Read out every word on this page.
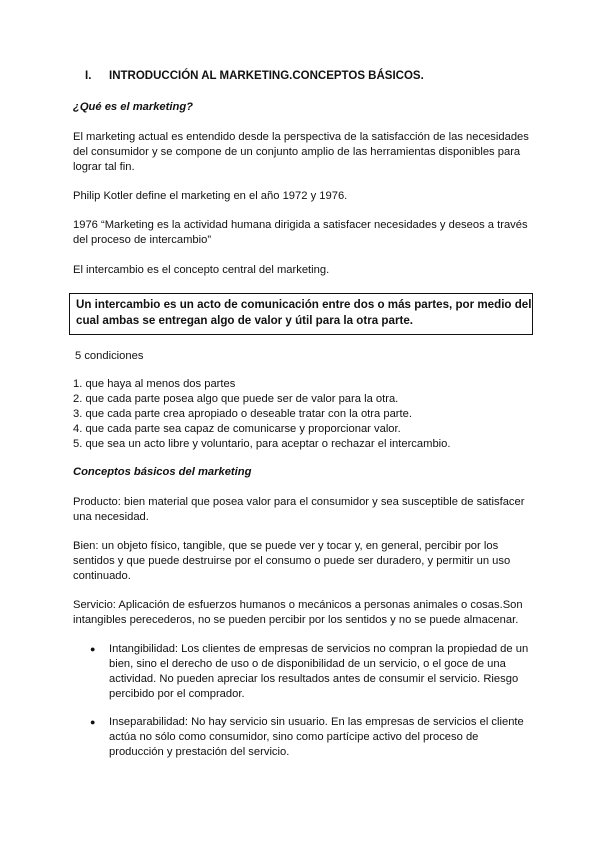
I.	INTRODUCCIÓN AL MARKETING.CONCEPTOS BÁSICOS.

¿Qué es el marketing?

El marketing actual es entendido desde la perspectiva de la satisfacción de las necesidades del consumidor y se compone de un conjunto amplio de las herramientas disponibles para lograr tal fin.

Philip Kotler define el marketing en el año 1972 y 1976.

1976 “Marketing es la actividad humana dirigida a satisfacer necesidades y deseos a través del proceso de intercambio”

El intercambio es el concepto central del marketing.

Un intercambio es un acto de comunicación entre dos o más partes, por medio del cual ambas se entregan algo de valor y útil para la otra parte.

5 condiciones

1. que haya al menos dos partes
2. que cada parte posea algo que puede ser de valor para la otra.
3. que cada parte crea apropiado o deseable tratar con la otra parte.
4. que cada parte sea capaz de comunicarse y proporcionar valor.
5. que sea un acto libre y voluntario, para aceptar o rechazar el intercambio.

Conceptos básicos del marketing

Producto: bien material que posea valor para el consumidor y sea susceptible de satisfacer una necesidad.

Bien: un objeto físico, tangible, que se puede ver y tocar y, en general, percibir por los sentidos y que puede destruirse por el consumo o puede ser duradero, y permitir un uso continuado.

Servicio: Aplicación de esfuerzos humanos o mecánicos a personas animales o cosas.Son intangibles perecederos, no se pueden percibir por los sentidos y no se puede almacenar.

●	Intangibilidad: Los clientes de empresas de servicios no compran la propiedad de un bien, sino el derecho de uso o de disponibilidad de un servicio, o el goce de una actividad. No pueden apreciar los resultados antes de consumir el servicio. Riesgo percibido por el comprador.
●	Inseparabilidad: No hay servicio sin usuario. En las empresas de servicios el cliente actúa no sólo como consumidor, sino como partícipe activo del proceso de producción y prestación del servicio.
